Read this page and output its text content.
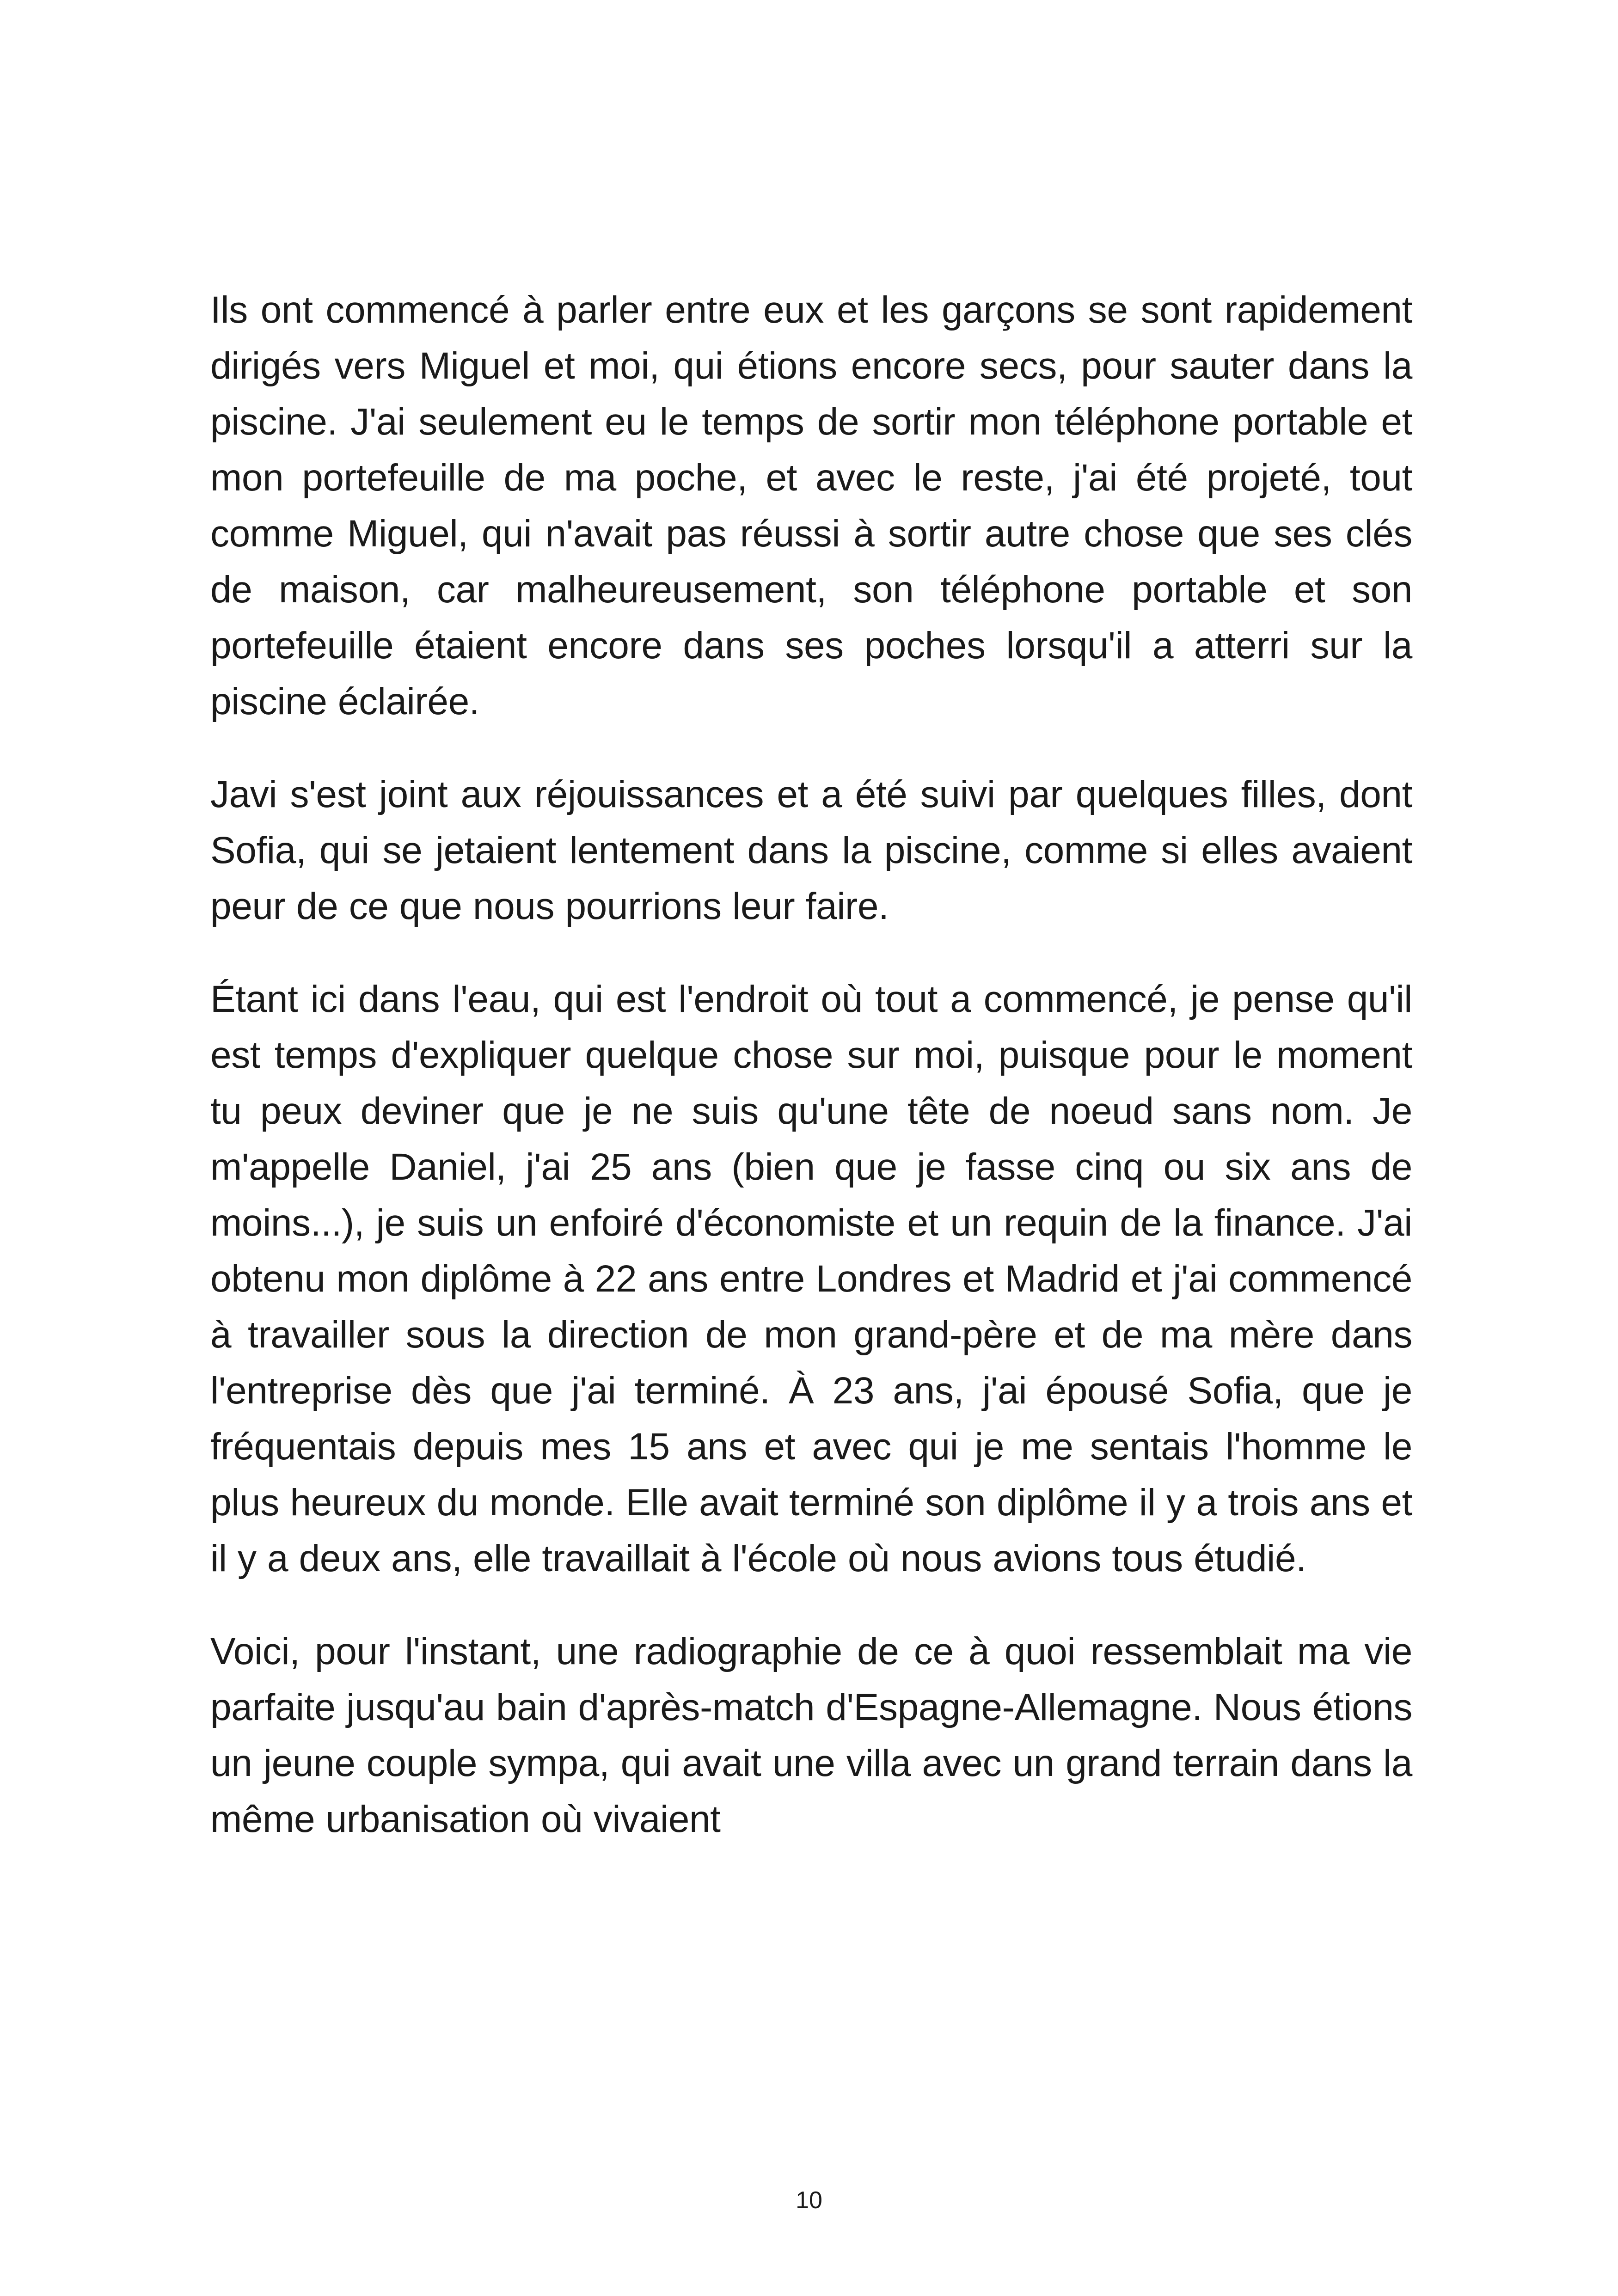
Ils ont commencé à parler entre eux et les garçons se sont rapidement dirigés vers Miguel et moi, qui étions encore secs, pour sauter dans la piscine. J'ai seulement eu le temps de sortir mon téléphone portable et mon portefeuille de ma poche, et avec le reste, j'ai été projeté, tout comme Miguel, qui n'avait pas réussi à sortir autre chose que ses clés de maison, car malheureusement, son téléphone portable et son portefeuille étaient encore dans ses poches lorsqu'il a atterri sur la piscine éclairée.

Javi s'est joint aux réjouissances et a été suivi par quelques filles, dont Sofia, qui se jetaient lentement dans la piscine, comme si elles avaient peur de ce que nous pourrions leur faire.

Étant ici dans l'eau, qui est l'endroit où tout a commencé, je pense qu'il est temps d'expliquer quelque chose sur moi, puisque pour le moment tu peux deviner que je ne suis qu'une tête de noeud sans nom. Je m'appelle Daniel, j'ai 25 ans (bien que je fasse cinq ou six ans de moins...), je suis un enfoiré d'économiste et un requin de la finance. J'ai obtenu mon diplôme à 22 ans entre Londres et Madrid et j'ai commencé à travailler sous la direction de mon grand-père et de ma mère dans l'entreprise dès que j'ai terminé. À 23 ans, j'ai épousé Sofia, que je fréquentais depuis mes 15 ans et avec qui je me sentais l'homme le plus heureux du monde. Elle avait terminé son diplôme il y a trois ans et il y a deux ans, elle travaillait à l'école où nous avions tous étudié.

Voici, pour l'instant, une radiographie de ce à quoi ressemblait ma vie parfaite jusqu'au bain d'après-match d'Espagne-Allemagne. Nous étions un jeune couple sympa, qui avait une villa avec un grand terrain dans la même urbanisation où vivaient

10
